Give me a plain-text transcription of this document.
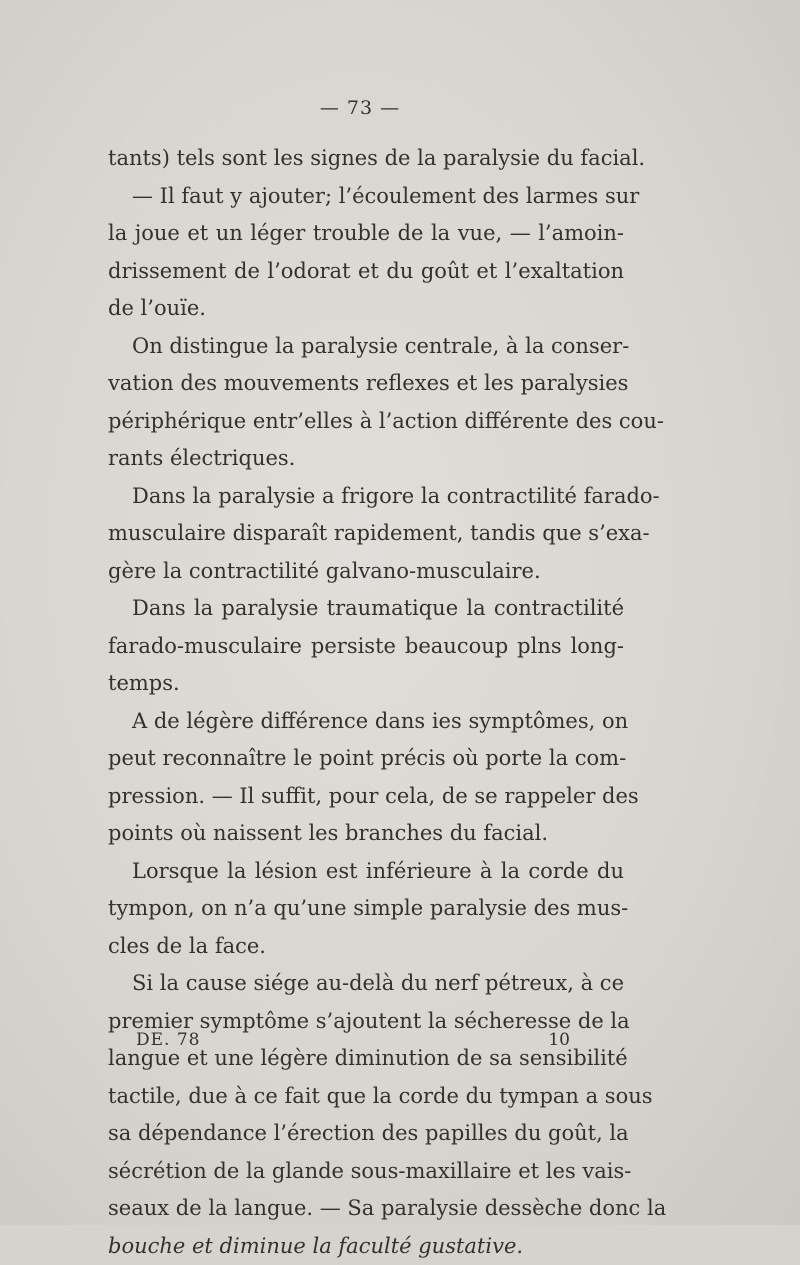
— 73 —
tants) tels sont les signes de la paralysie du facial.
— Il faut y ajouter; l’écoulement des larmes sur
la joue et un léger trouble de la vue, — l’amoin-
drissement de l’odorat et du goût et l’exaltation
de l’ouïe.
On distingue la paralysie centrale, à la conser-
vation des mouvements reflexes et les paralysies
périphérique entr’elles à l’action différente des cou-
rants électriques.
Dans la paralysie a frigore la contractilité farado-
musculaire disparaît rapidement, tandis que s’exa-
gère la contractilité galvano-musculaire.
Dans la paralysie traumatique la contractilité
farado-musculaire persiste beaucoup plns long-
temps.
A de légère différence dans ies symptômes, on
peut reconnaître le point précis où porte la com-
pression. — Il suffit, pour cela, de se rappeler des
points où naissent les branches du facial.
Lorsque la lésion est inférieure à la corde du
tympon, on n’a qu’une simple paralysie des mus-
cles de la face.
Si la cause siége au-delà du nerf pétreux, à ce
premier symptôme s’ajoutent la sécheresse de la
langue et une légère diminution de sa sensibilité
tactile, due à ce fait que la corde du tympan a sous
sa dépendance l’érection des papilles du goût, la
sécrétion de la glande sous-maxillaire et les vais-
seaux de la langue. — Sa paralysie dessèche donc la
bouche et diminue la faculté gustative.
DE. 78	10
